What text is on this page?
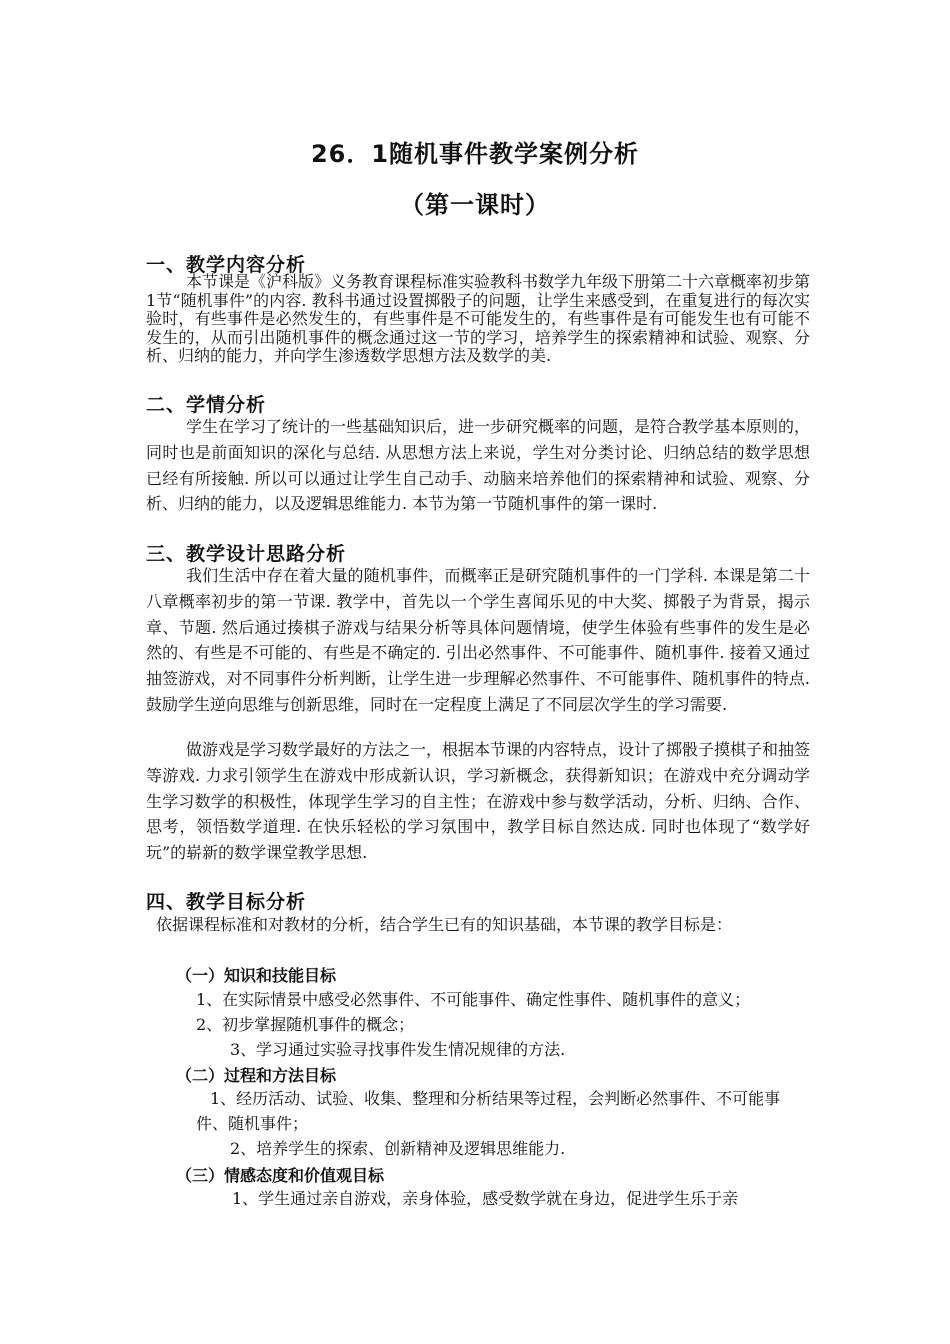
26．1随机事件教学案例分析
（第一课时）
一、教学内容分析

本节课是《沪科版》义务教育课程标准实验教科书数学九年级下册第二十六章概率初步第1节“随机事件”的内容. 教科书通过设置掷骰子的问题，让学生来感受到，在重复进行的每次实验时，有些事件是必然发生的，有些事件是不可能发生的，有些事件是有可能发生也有可能不发生的，从而引出随机事件的概念通过这一节的学习，培养学生的探索精神和试验、观察、分析、归纳的能力，并向学生渗透数学思想方法及数学的美.

二、学情分析

学生在学习了统计的一些基础知识后，进一步研究概率的问题，是符合教学基本原则的，同时也是前面知识的深化与总结. 从思想方法上来说，学生对分类讨论、归纳总结的数学思想已经有所接触. 所以可以通过让学生自己动手、动脑来培养他们的探索精神和试验、观察、分析、归纳的能力，以及逻辑思维能力. 本节为第一节随机事件的第一课时.

三、教学设计思路分析

我们生活中存在着大量的随机事件，而概率正是研究随机事件的一门学科. 本课是第二十八章概率初步的第一节课. 教学中，首先以一个学生喜闻乐见的中大奖、掷骰子为背景，揭示章、节题. 然后通过揍棋子游戏与结果分析等具体问题情境，使学生体验有些事件的发生是必然的、有些是不可能的、有些是不确定的. 引出必然事件、不可能事件、随机事件. 接着又通过抽签游戏，对不同事件分析判断，让学生进一步理解必然事件、不可能事件、随机事件的特点. 鼓励学生逆向思维与创新思维，同时在一定程度上满足了不同层次学生的学习需要.

做游戏是学习数学最好的方法之一，根据本节课的内容特点，设计了掷骰子摸棋子和抽签等游戏. 力求引领学生在游戏中形成新认识，学习新概念，获得新知识；在游戏中充分调动学生学习数学的积极性，体现学生学习的自主性；在游戏中参与数学活动，分析、归纳、合作、思考，领悟数学道理. 在快乐轻松的学习氛围中，教学目标自然达成. 同时也体现了“数学好玩”的崭新的数学课堂教学思想.

四、教学目标分析

依据课程标准和对教材的分析，结合学生已有的知识基础，本节课的教学目标是：

（一）知识和技能目标

1、在实际情景中感受必然事件、不可能事件、确定性事件、随机事件的意义；

2、初步掌握随机事件的概念；

3、学习通过实验寻找事件发生情况规律的方法.

（二）过程和方法目标

1、经历活动、试验、收集、整理和分析结果等过程，会判断必然事件、不可能事件、随机事件；

2、培养学生的探索、创新精神及逻辑思维能力.

（三）情感态度和价值观目标

1、学生通过亲自游戏，亲身体验，感受数学就在身边，促进学生乐于亲
